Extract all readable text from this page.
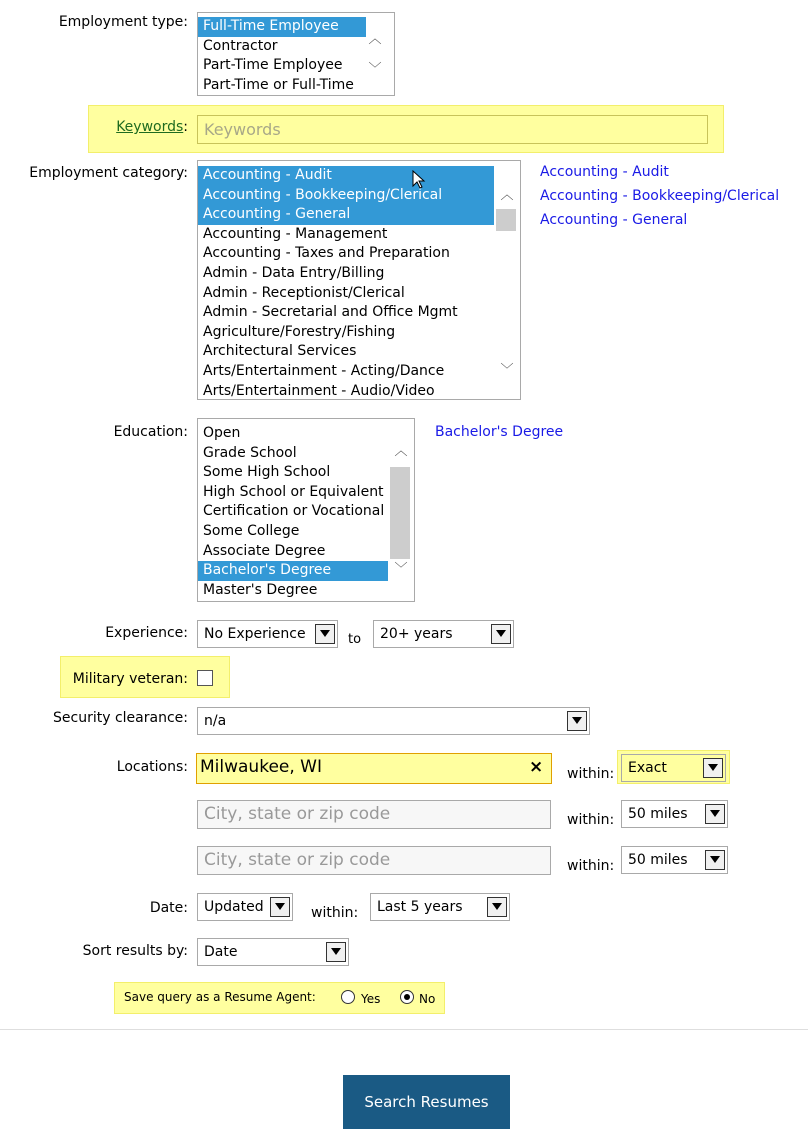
Employment type:	Full-Time Employee
Contractor
Part-Time Employee
Part-Time or Full-Time
︿
﹀
Keywords:	Keywords
Employment category:	Accounting - Audit
Accounting - Bookkeeping/Clerical
Accounting - General
Accounting - Management
Accounting - Taxes and Preparation
Admin - Data Entry/Billing
Admin - Receptionist/Clerical
Admin - Secretarial and Office Mgmt
Agriculture/Forestry/Fishing
Architectural Services
Arts/Entertainment - Acting/Dance
Arts/Entertainment - Audio/Video
︿
﹀
Accounting - Audit
Accounting - Bookkeeping/Clerical
Accounting - General
Education:	Open
Grade School
Some High School
High School or Equivalent
Certification or Vocational
Some College
Associate Degree
Bachelor's Degree
Master's Degree
︿
﹀
Bachelor's Degree
Experience:	No Experience	to	20+ years
Military veteran:
Security clearance:	n/a
Locations: Milwaukee, WI	× within: Exact
City, state or zip code	within: 50 miles
City, state or zip code	within: 50 miles
Date:	Updated	within:	Last 5 years
Sort results by:	Date
Save query as a Resume Agent:	Yes	No
Search Resumes
